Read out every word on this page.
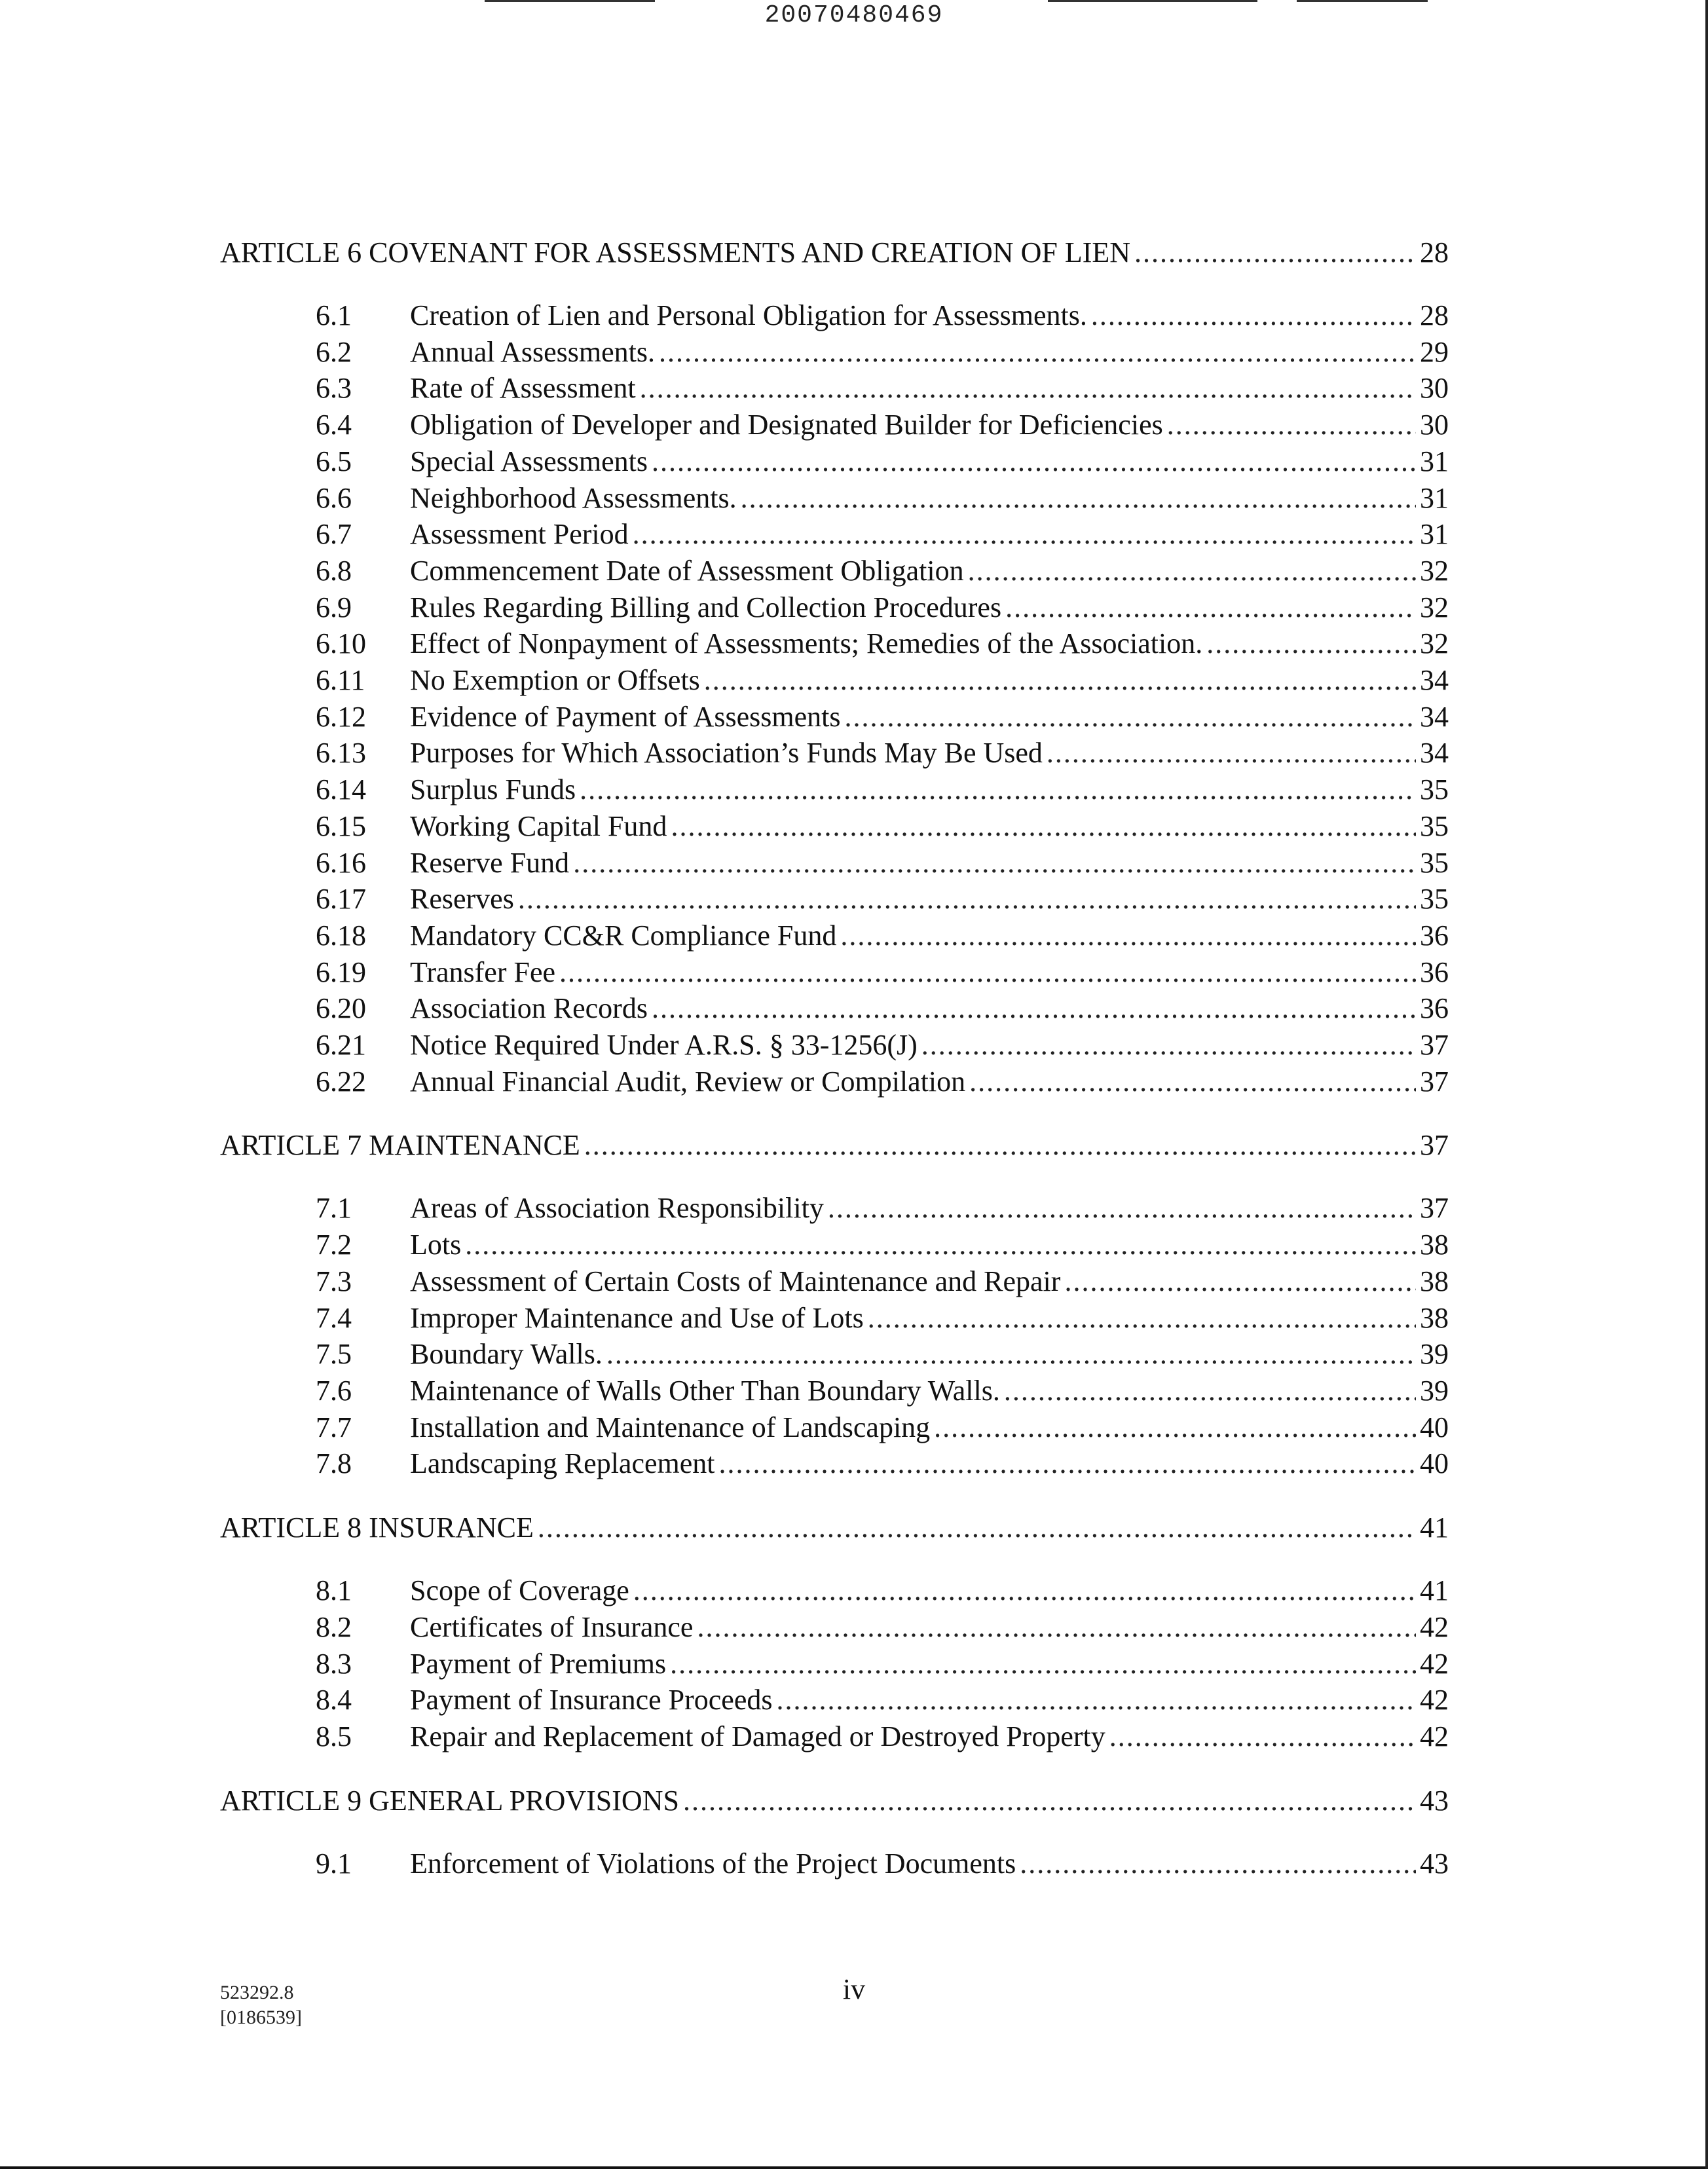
20070480469
ARTICLE 6 COVENANT FOR ASSESSMENTS AND CREATION OF LIEN .....	28
6.1	Creation of Lien and Personal Obligation for Assessments. .....	28
6.2	Annual Assessments. .....	29
6.3	Rate of Assessment .....	30
6.4	Obligation of Developer and Designated Builder for Deficiencies .....	30
6.5	Special Assessments .....	31
6.6	Neighborhood Assessments. .....	31
6.7	Assessment Period .....	31
6.8	Commencement Date of Assessment Obligation .....	32
6.9	Rules Regarding Billing and Collection Procedures .....	32
6.10	Effect of Nonpayment of Assessments; Remedies of the Association. .....	32
6.11	No Exemption or Offsets .....	34
6.12	Evidence of Payment of Assessments .....	34
6.13	Purposes for Which Association’s Funds May Be Used .....	34
6.14	Surplus Funds .....	35
6.15	Working Capital Fund .....	35
6.16	Reserve Fund .....	35
6.17	Reserves .....	35
6.18	Mandatory CC&R Compliance Fund .....	36
6.19	Transfer Fee .....	36
6.20	Association Records .....	36
6.21	Notice Required Under A.R.S. § 33-1256(J) .....	37
6.22	Annual Financial Audit, Review or Compilation .....	37
ARTICLE 7 MAINTENANCE .....	37
7.1	Areas of Association Responsibility .....	37
7.2	Lots .....	38
7.3	Assessment of Certain Costs of Maintenance and Repair .....	38
7.4	Improper Maintenance and Use of Lots .....	38
7.5	Boundary Walls. .....	39
7.6	Maintenance of Walls Other Than Boundary Walls. .....	39
7.7	Installation and Maintenance of Landscaping .....	40
7.8	Landscaping Replacement .....	40
ARTICLE 8 INSURANCE .....	41
8.1	Scope of Coverage .....	41
8.2	Certificates of Insurance .....	42
8.3	Payment of Premiums .....	42
8.4	Payment of Insurance Proceeds .....	42
8.5	Repair and Replacement of Damaged or Destroyed Property .....	42
ARTICLE 9 GENERAL PROVISIONS .....	43
9.1	Enforcement of Violations of the Project Documents .....	43
523292.8
[0186539]
iv
